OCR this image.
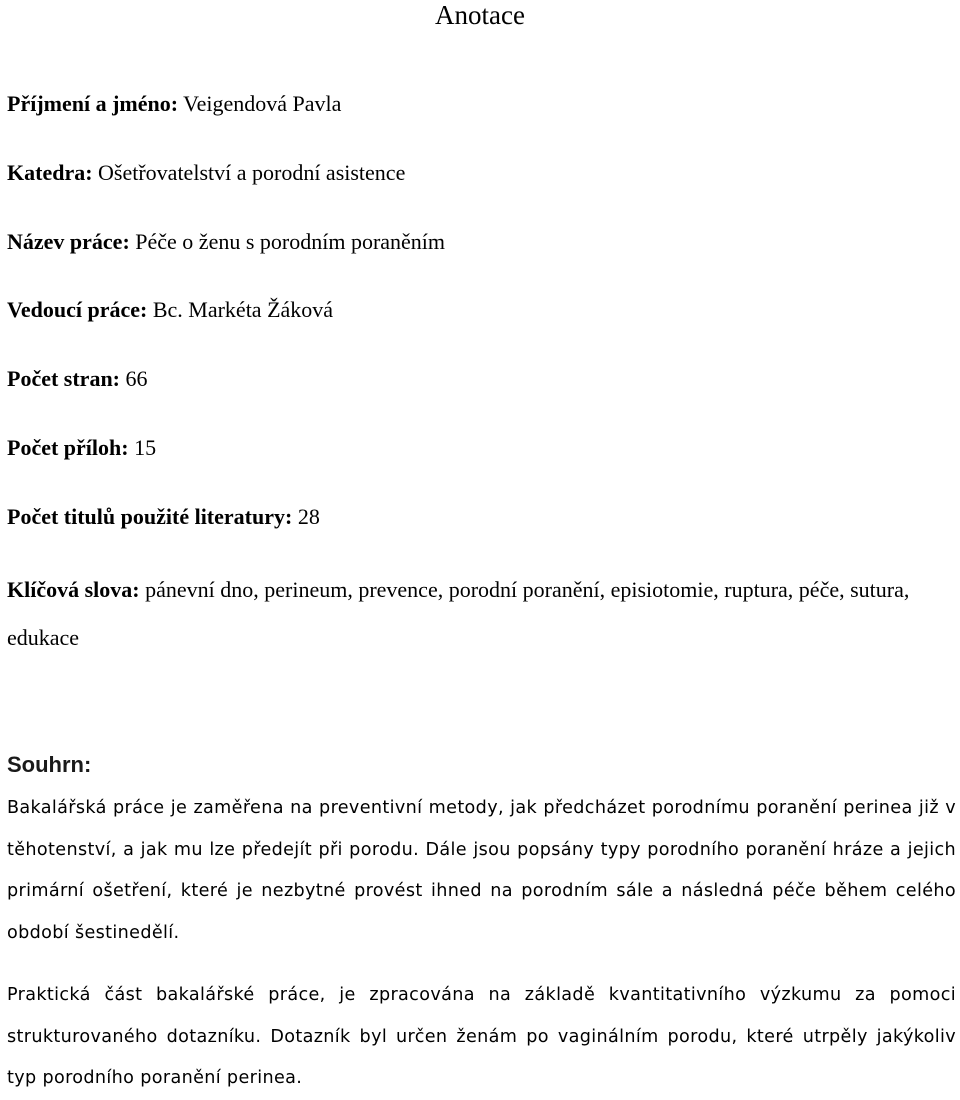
Anotace
Příjmení a jméno: Veigendová Pavla
Katedra: Ošetřovatelství a porodní asistence
Název práce: Péče o ženu s porodním poraněním
Vedoucí práce: Bc. Markéta Žáková
Počet stran: 66
Počet příloh: 15
Počet titulů použité literatury: 28
Klíčová slova: pánevní dno, perineum, prevence, porodní poranění, episiotomie, ruptura, péče, sutura, edukace
Souhrn:
Bakalářská práce je zaměřena na preventivní metody, jak předcházet porodnímu poranění perinea již v těhotenství, a jak mu lze předejít při porodu. Dále jsou popsány typy porodního poranění hráze a jejich primární ošetření, které je nezbytné provést ihned na porodním sále a následná péče během celého období šestinedělí.
Praktická část bakalářské práce, je zpracována na základě kvantitativního výzkumu za pomoci strukturovaného dotazníku. Dotazník byl určen ženám po vaginálním porodu, které utrpěly jakýkoliv typ porodního poranění perinea.
